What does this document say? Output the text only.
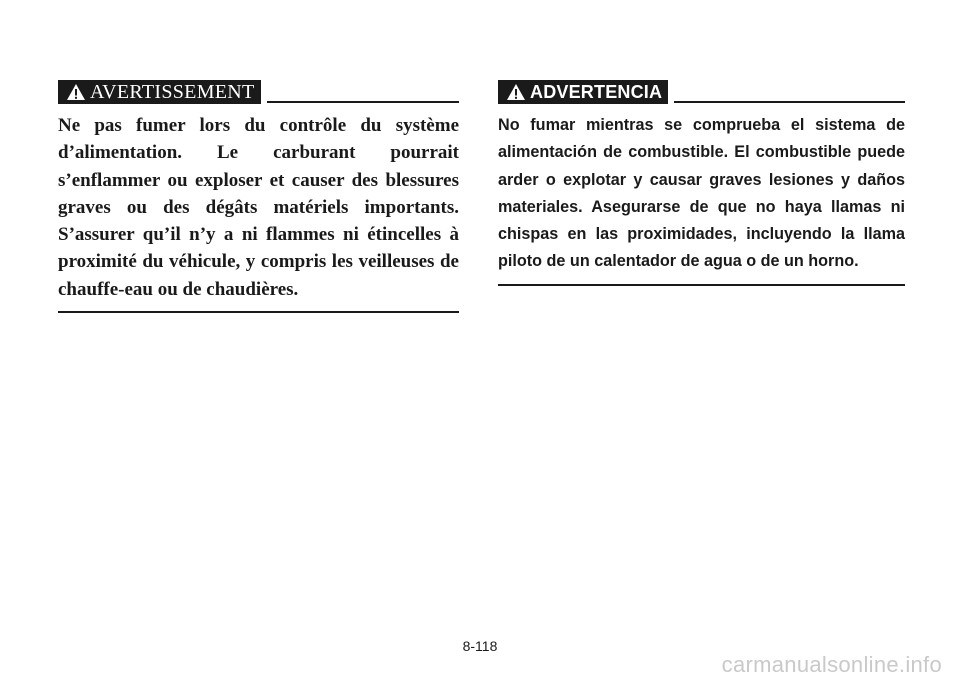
AVERTISSEMENT

Ne pas fumer lors du contrôle du système d’alimentation. Le carburant pourrait s’enflammer ou exploser et causer des blessures graves ou des dégâts matériels importants. S’assurer qu’il n’y a ni flammes ni étincelles à proximité du véhicule, y compris les veilleuses de chauffe-eau ou de chaudières.

ADVERTENCIA

No fumar mientras se comprueba el sistema de alimentación de combustible. El combustible puede arder o explotar y causar graves lesiones y daños materiales. Asegurarse de que no haya llamas ni chispas en las proximidades, incluyendo la llama piloto de un calentador de agua o de un horno.

8-118
carmanualsonline.info
